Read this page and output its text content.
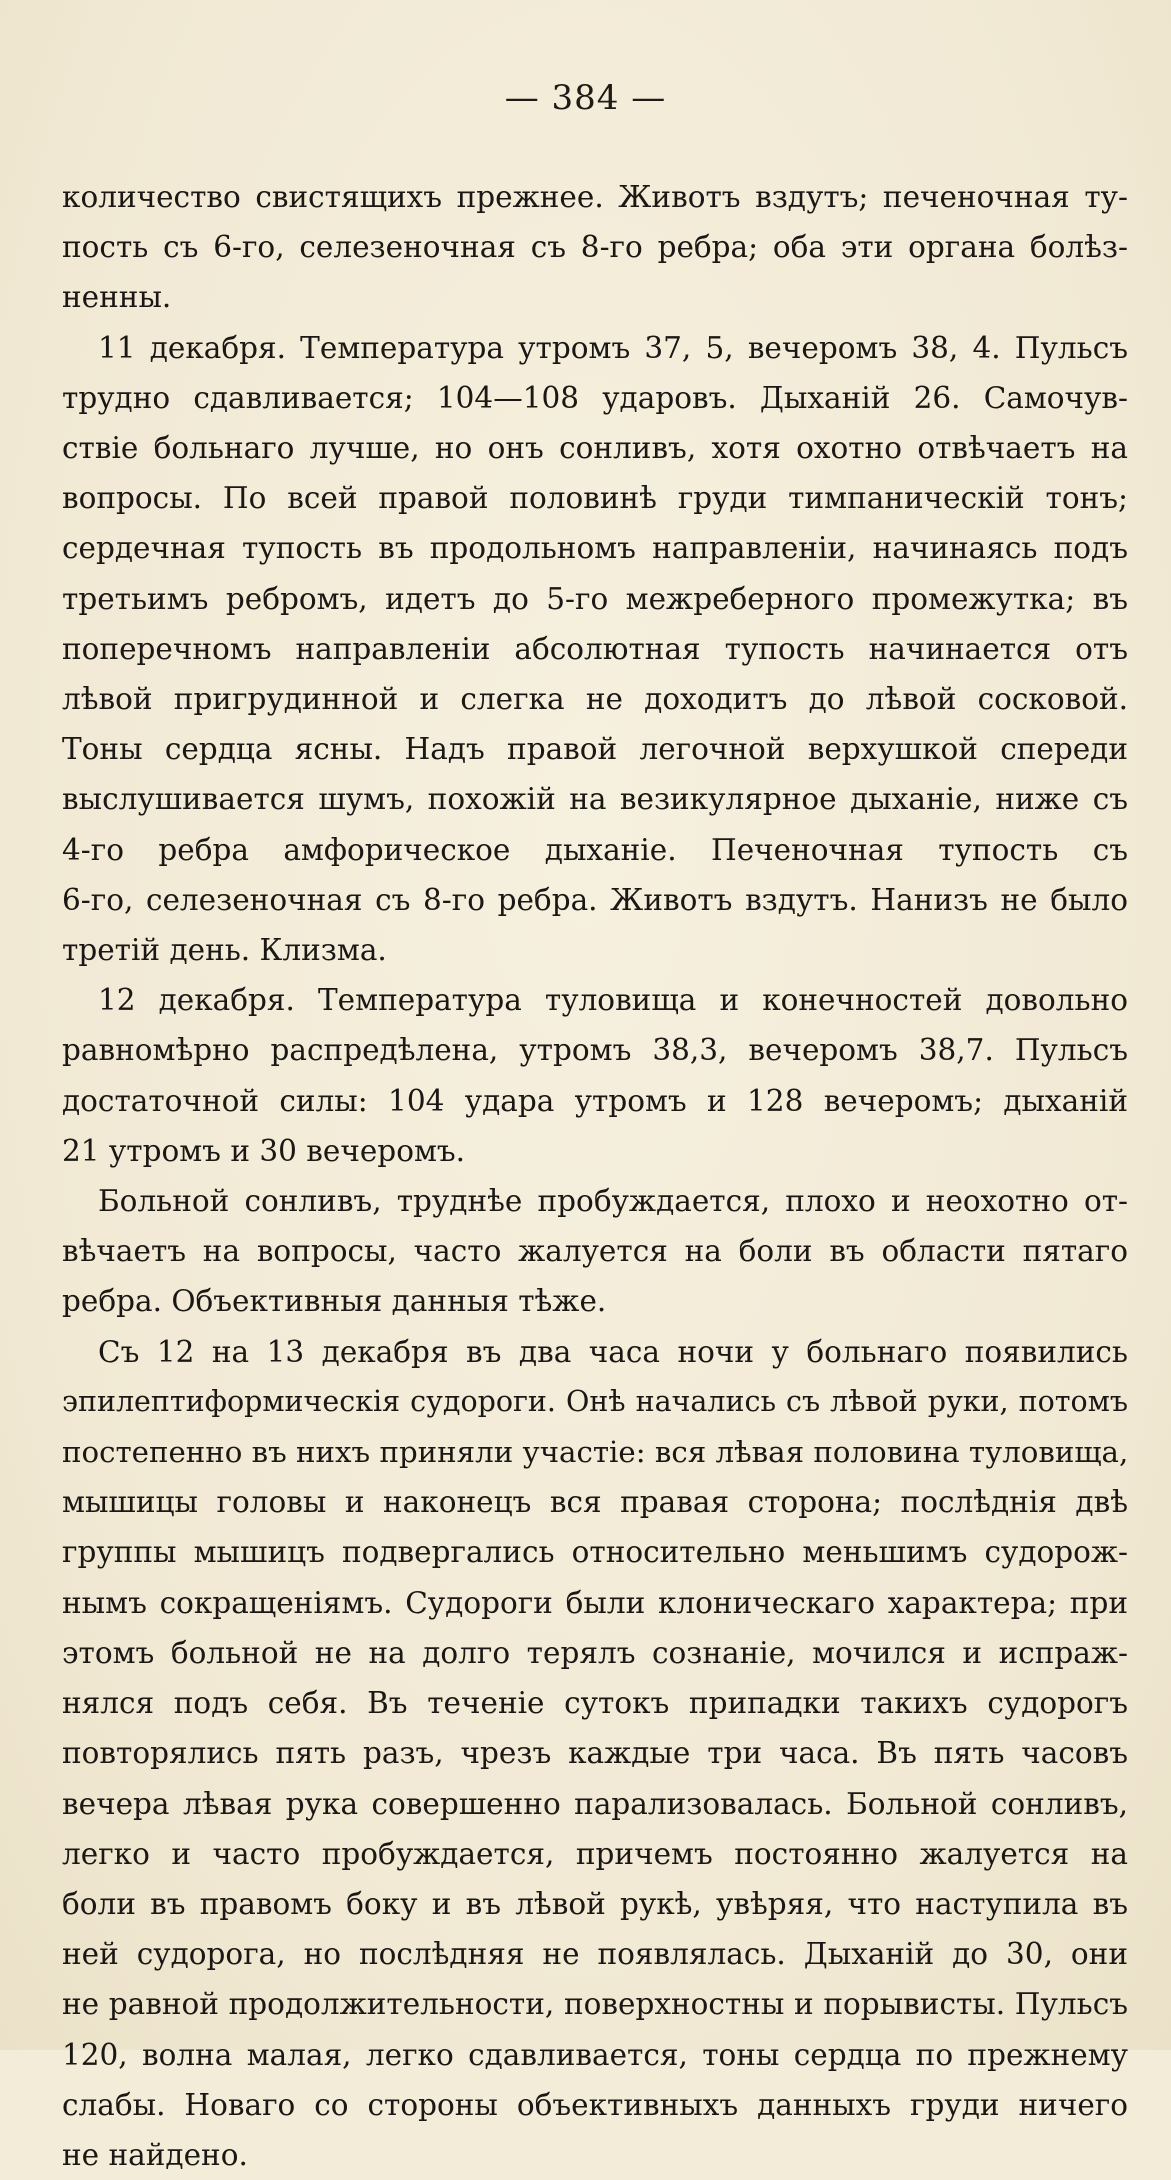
— 384 —
количество свистящихъ прежнее. Животъ вздутъ; печеночная ту-
пость съ 6-го, селезеночная съ 8-го ребра; оба эти органа болѣз-
ненны.
11 декабря. Температура утромъ 37, 5, вечеромъ 38, 4. Пульсъ
трудно сдавливается; 104—108 ударовъ. Дыханій 26. Самочув-
ствіе больнаго лучше, но онъ сонливъ, хотя охотно отвѣчаетъ на
вопросы. По всей правой половинѣ груди тимпаническій тонъ;
сердечная тупость въ продольномъ направленіи, начинаясь подъ
третьимъ ребромъ, идетъ до 5-го межреберного промежутка; въ
поперечномъ направленіи абсолютная тупость начинается отъ
лѣвой пригрудинной и слегка не доходитъ до лѣвой сосковой.
Тоны сердца ясны. Надъ правой легочной верхушкой спереди
выслушивается шумъ, похожій на везикулярное дыханіе, ниже съ
4-го ребра амфорическое дыханіе. Печеночная тупость съ
6-го, селезеночная съ 8-го ребра. Животъ вздутъ. Нанизъ не было
третій день. Клизма.
12 декабря. Температура туловища и конечностей довольно
равномѣрно распредѣлена, утромъ 38,3, вечеромъ 38,7. Пульсъ
достаточной силы: 104 удара утромъ и 128 вечеромъ; дыханій
21 утромъ и 30 вечеромъ.
Больной сонливъ, труднѣе пробуждается, плохо и неохотно от-
вѣчаетъ на вопросы, часто жалуется на боли въ области пятаго
ребра. Объективныя данныя тѣже.
Съ 12 на 13 декабря въ два часа ночи у больнаго появились
эпилептиформическія судороги. Онѣ начались съ лѣвой руки, потомъ
постепенно въ нихъ приняли участіе: вся лѣвая половина туловища,
мышицы головы и наконецъ вся правая сторона; послѣднія двѣ
группы мышицъ подвергались относительно меньшимъ судорож-
нымъ сокращеніямъ. Судороги были клоническаго характера; при
этомъ больной не на долго терялъ сознаніе, мочился и испраж-
нялся подъ себя. Въ теченіе сутокъ припадки такихъ судорогъ
повторялись пять разъ, чрезъ каждые три часа. Въ пять часовъ
вечера лѣвая рука совершенно парализовалась. Больной сонливъ,
легко и часто пробуждается, причемъ постоянно жалуется на
боли въ правомъ боку и въ лѣвой рукѣ, увѣряя, что наступила въ
ней судорога, но послѣдняя не появлялась. Дыханій до 30, они
не равной продолжительности, поверхностны и порывисты. Пульсъ
120, волна малая, легко сдавливается, тоны сердца по прежнему
слабы. Новаго со стороны объективныхъ данныхъ груди ничего
не найдено.
